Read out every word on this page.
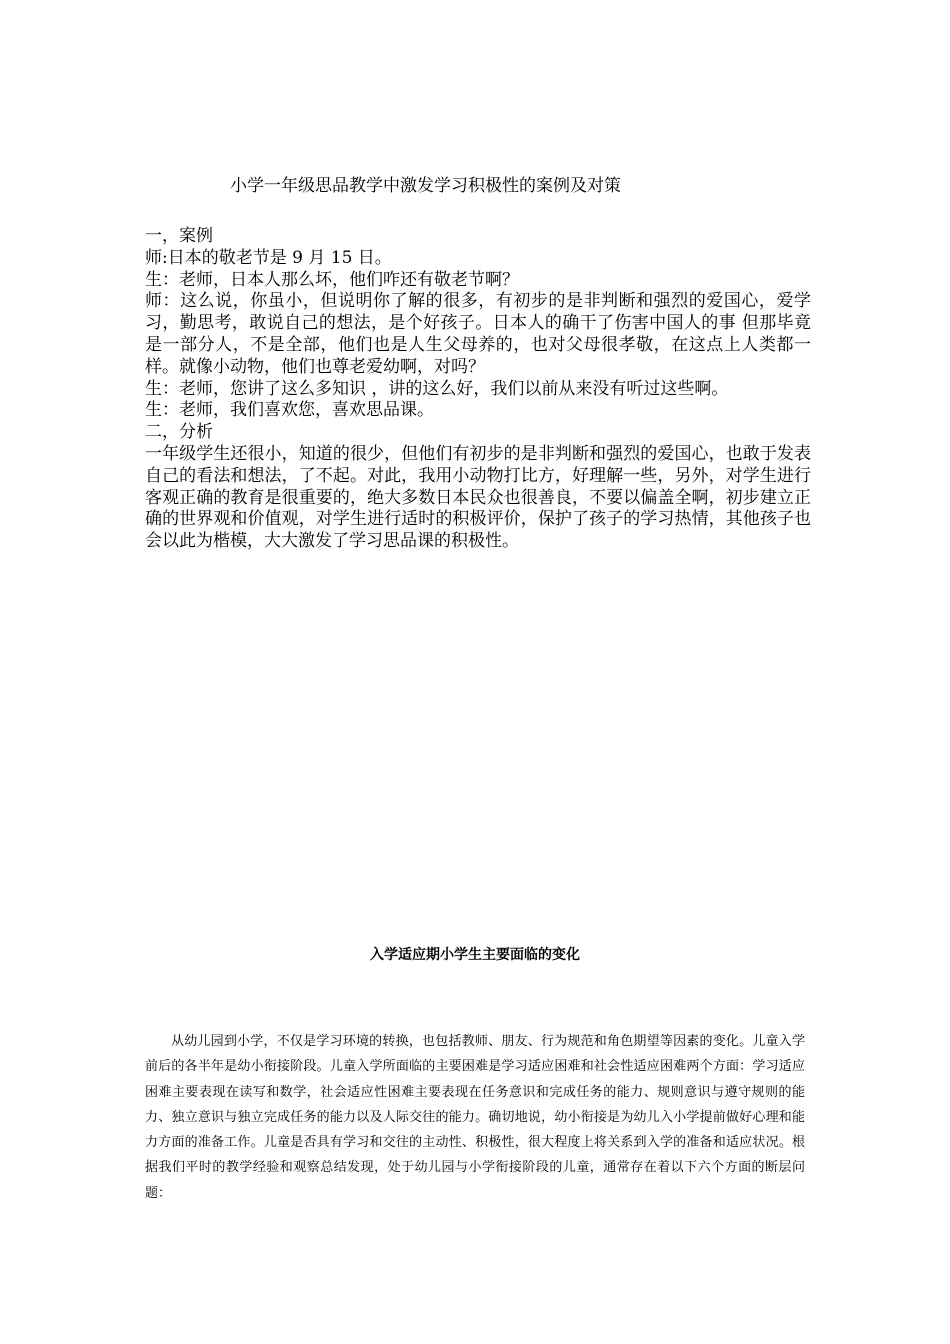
小学一年级思品教学中激发学习积极性的案例及对策
一，案例
师:日本的敬老节是 9 月 15 日。
生：老师，日本人那么坏，他们咋还有敬老节啊？
师：这么说，你虽小，但说明你了解的很多，有初步的是非判断和强烈的爱国心，爱学习，勤思考，敢说自己的想法，是个好孩子。日本人的确干了伤害中国人的事 但那毕竟是一部分人，不是全部，他们也是人生父母养的，也对父母很孝敬，在这点上人类都一样。就像小动物，他们也尊老爱幼啊，对吗？
生：老师，您讲了这么多知识 ，讲的这么好，我们以前从来没有听过这些啊。
生：老师，我们喜欢您，喜欢思品课。
二，分析
一年级学生还很小，知道的很少，但他们有初步的是非判断和强烈的爱国心，也敢于发表自己的看法和想法，了不起。对此，我用小动物打比方，好理解一些，另外，对学生进行客观正确的教育是很重要的，绝大多数日本民众也很善良，不要以偏盖全啊，初步建立正确的世界观和价值观，对学生进行适时的积极评价，保护了孩子的学习热情，其他孩子也会以此为楷模，大大激发了学习思品课的积极性。
入学适应期小学生主要面临的变化
从幼儿园到小学，不仅是学习环境的转换，也包括教师、朋友、行为规范和角色期望等因素的变化。儿童入学前后的各半年是幼小衔接阶段。儿童入学所面临的主要困难是学习适应困难和社会性适应困难两个方面：学习适应困难主要表现在读写和数学，社会适应性困难主要表现在任务意识和完成任务的能力、规则意识与遵守规则的能力、独立意识与独立完成任务的能力以及人际交往的能力。确切地说，幼小衔接是为幼儿入小学提前做好心理和能力方面的准备工作。儿童是否具有学习和交往的主动性、积极性，很大程度上将关系到入学的准备和适应状况。根据我们平时的教学经验和观察总结发现，处于幼儿园与小学衔接阶段的儿童，通常存在着以下六个方面的断层问题：
